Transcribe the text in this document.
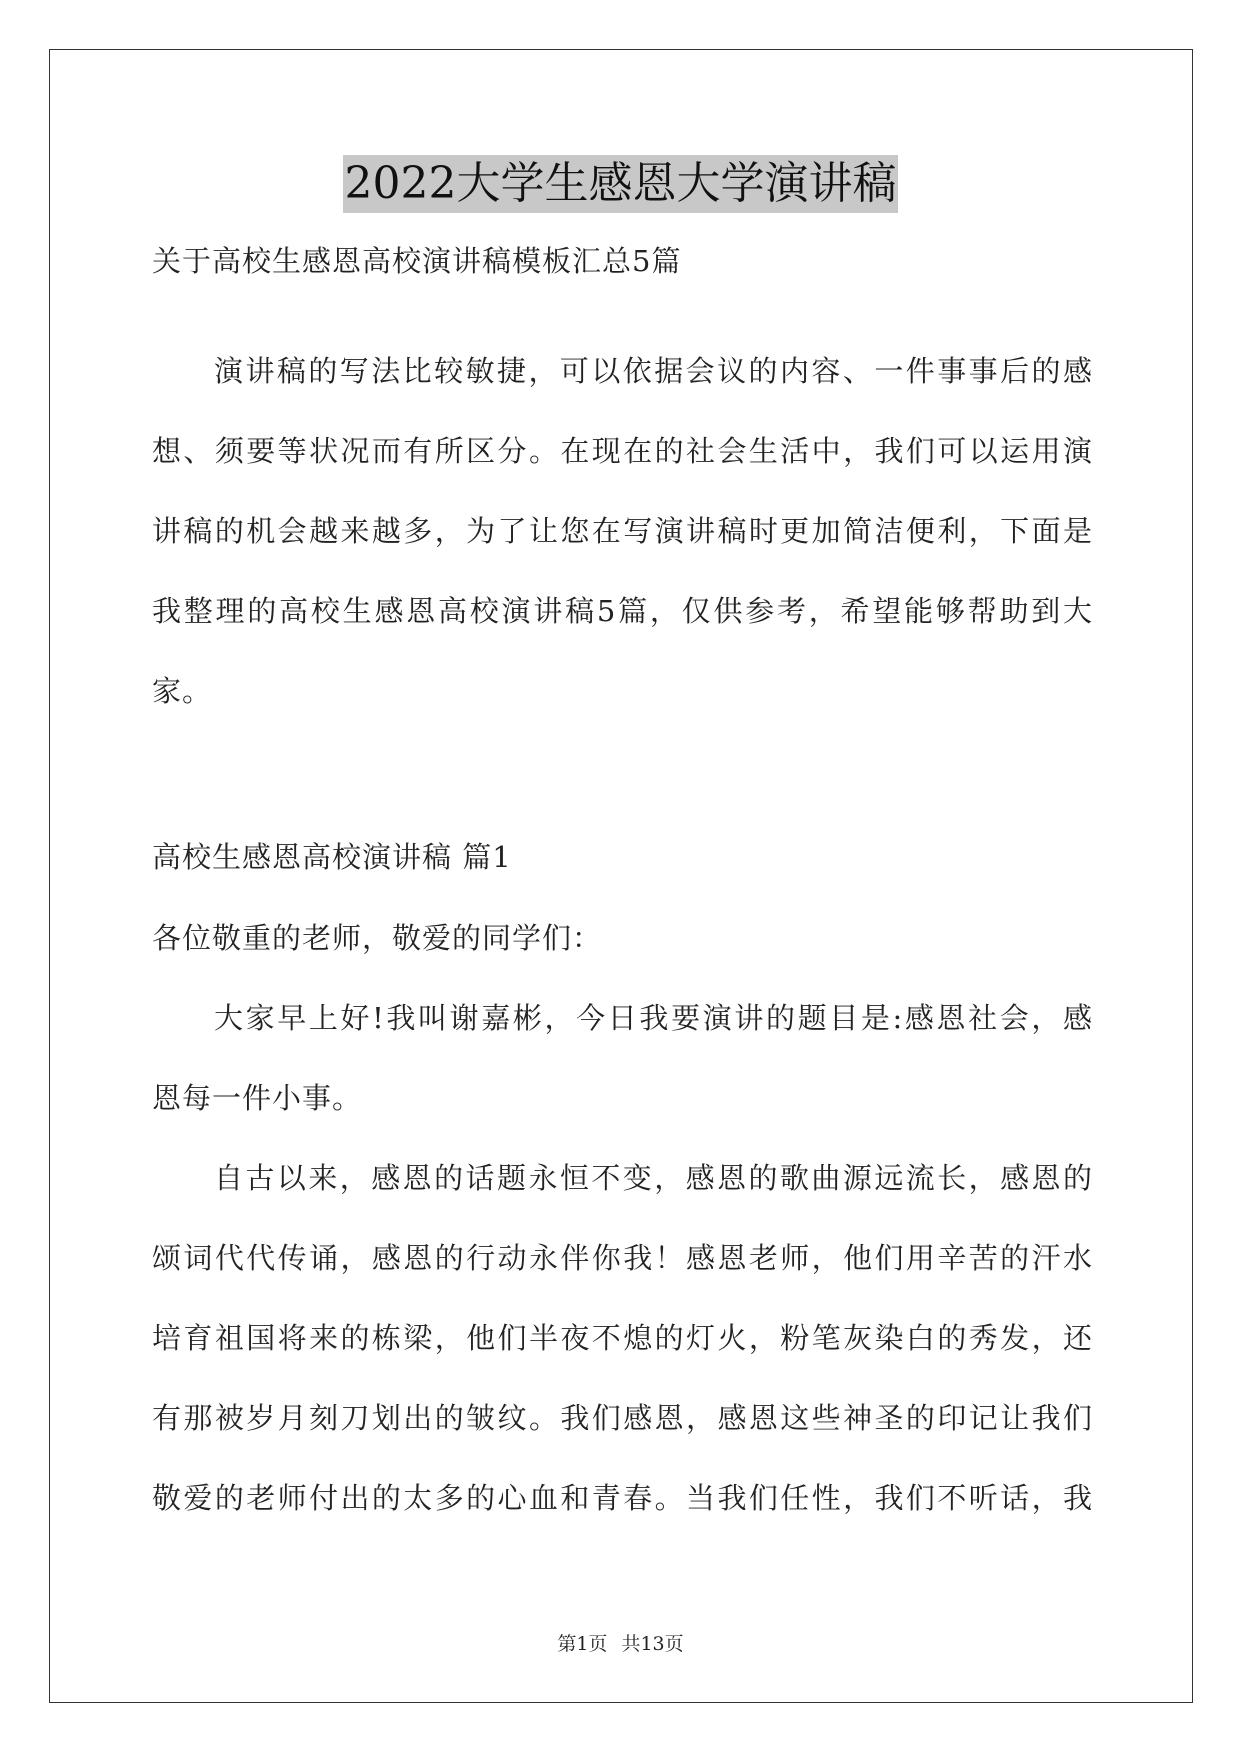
2022大学生感恩大学演讲稿
关于高校生感恩高校演讲稿模板汇总5篇
演讲稿的写法比较敏捷，可以依据会议的内容、一件事事后的感
想、须要等状况而有所区分。在现在的社会生活中，我们可以运用演
讲稿的机会越来越多，为了让您在写演讲稿时更加简洁便利，下面是
我整理的高校生感恩高校演讲稿5篇，仅供参考，希望能够帮助到大
家。
高校生感恩高校演讲稿 篇1
各位敬重的老师，敬爱的同学们：
大家早上好!我叫谢嘉彬，今日我要演讲的题目是:感恩社会，感
恩每一件小事。
自古以来，感恩的话题永恒不变，感恩的歌曲源远流长，感恩的
颂词代代传诵，感恩的行动永伴你我！感恩老师，他们用辛苦的汗水
培育祖国将来的栋梁，他们半夜不熄的灯火，粉笔灰染白的秀发，还
有那被岁月刻刀划出的皱纹。我们感恩，感恩这些神圣的印记让我们
敬爱的老师付出的太多的心血和青春。当我们任性，我们不听话，我
第1页 共13页
